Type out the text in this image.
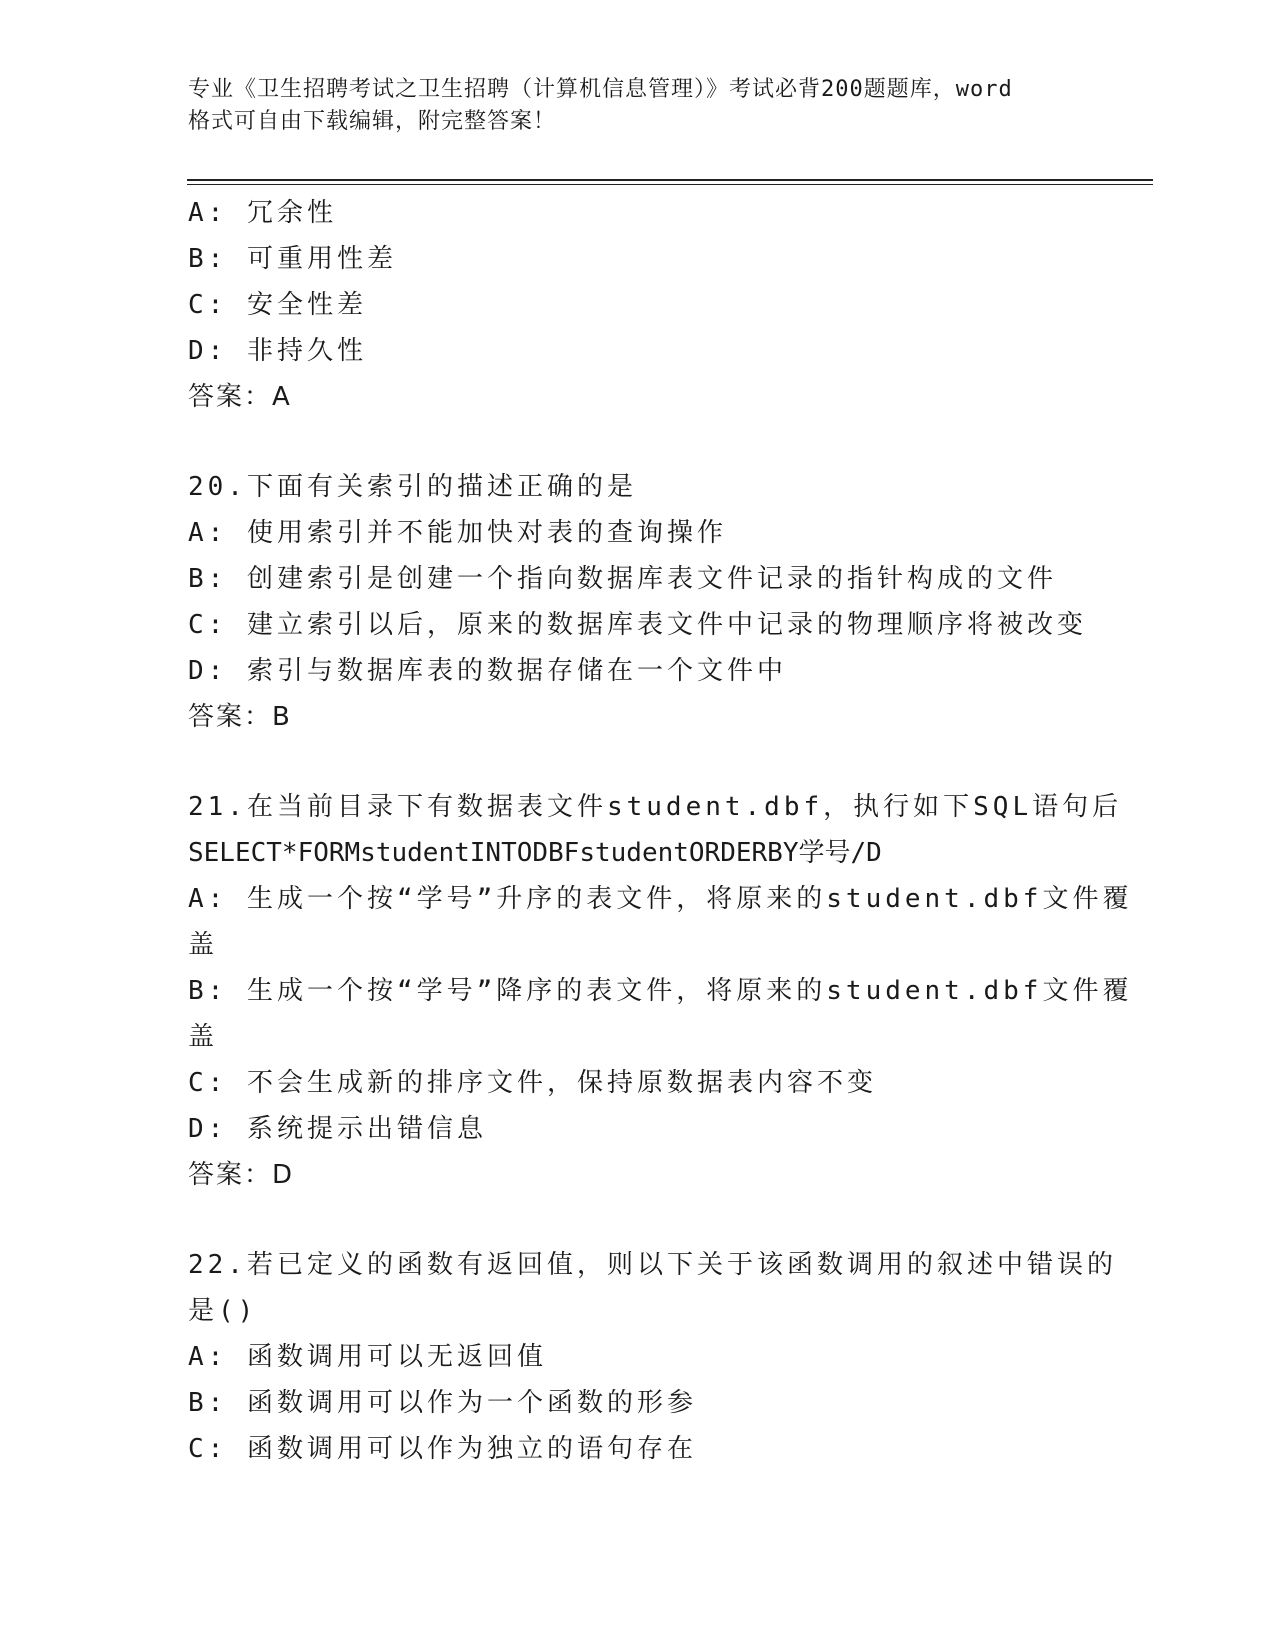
专业《卫生招聘考试之卫生招聘（计算机信息管理）》考试必背200题题库，word
格式可自由下载编辑，附完整答案！
A: 冗余性
B: 可重用性差
C: 安全性差
D: 非持久性
答案：A
20.下面有关索引的描述正确的是
A: 使用索引并不能加快对表的查询操作
B: 创建索引是创建一个指向数据库表文件记录的指针构成的文件
C: 建立索引以后，原来的数据库表文件中记录的物理顺序将被改变
D: 索引与数据库表的数据存储在一个文件中
答案：B
21.在当前目录下有数据表文件student.dbf，执行如下SQL语句后
SELECT*FORMstudentINTODBFstudentORDERBY学号/D
A: 生成一个按“学号”升序的表文件，将原来的student.dbf文件覆
盖
B: 生成一个按“学号”降序的表文件，将原来的student.dbf文件覆
盖
C: 不会生成新的排序文件，保持原数据表内容不变
D: 系统提示出错信息
答案：D
22.若已定义的函数有返回值，则以下关于该函数调用的叙述中错误的
是()
A: 函数调用可以无返回值
B: 函数调用可以作为一个函数的形参
C: 函数调用可以作为独立的语句存在
